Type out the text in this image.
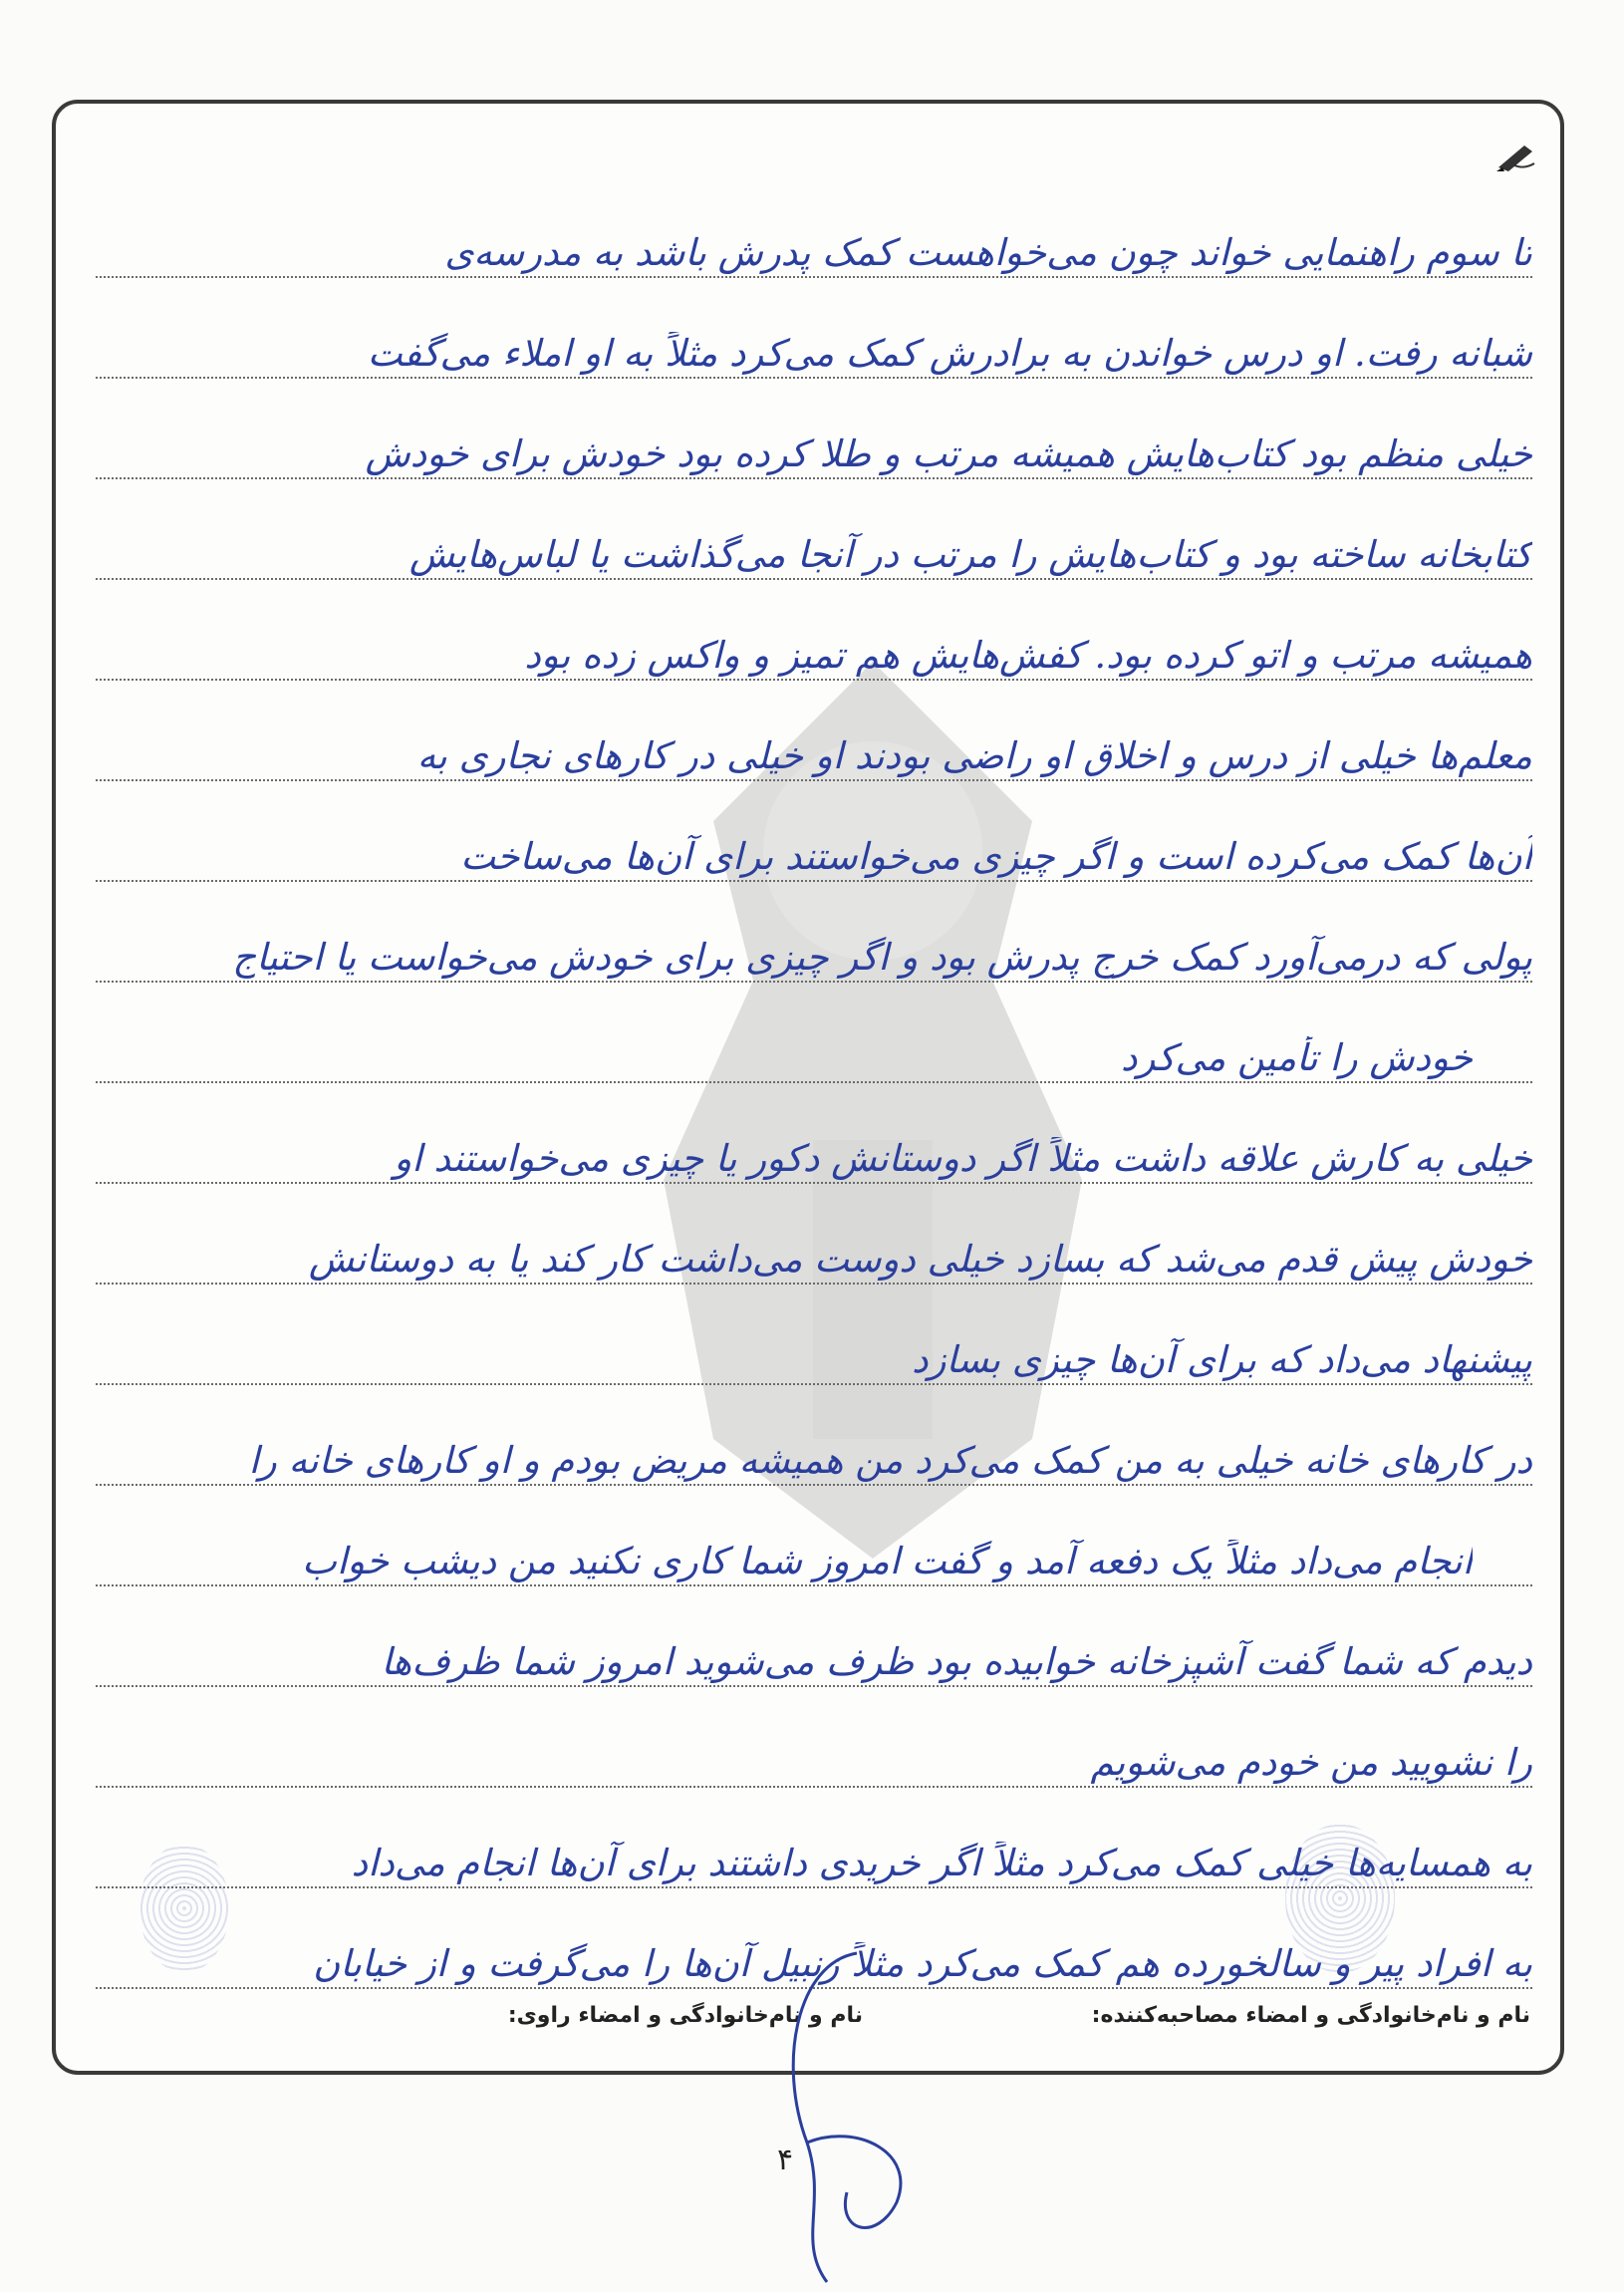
تا سوم راهنمایی خواند چون می‌خواهست کمک پدرش باشد به مدرسه‌ی
شبانه رفت. او درس خواندن به برادرش کمک می‌کرد مثلاً به او املاء می‌گفت
خیلی منظم بود کتاب‌هایش همیشه مرتب و طلا کرده بود خودش برای خودش
کتابخانه ساخته بود و کتاب‌هایش را مرتب در آنجا می‌گذاشت یا لباس‌هایش
همیشه مرتب و اتو کرده بود. کفش‌هایش هم تمیز و واکس زده بود
معلم‌ها خیلی از درس و اخلاق او راضی بودند او خیلی در کارهای نجاری به
آن‌ها کمک می‌کرده است و اگر چیزی می‌خواستند برای آن‌ها می‌ساخت
پولی که درمی‌آورد کمک خرج پدرش بود و اگر چیزی برای خودش می‌خواست یا احتیاج
خودش را تأمین می‌کرد
خیلی به کارش علاقه داشت مثلاً اگر دوستانش دکور یا چیزی می‌خواستند او
خودش پیش قدم می‌شد که بسازد خیلی دوست می‌داشت کار کند یا به دوستانش
پیشنهاد می‌داد که برای آن‌ها چیزی بسازد
در کارهای خانه خیلی به من کمک می‌کرد من همیشه مریض بودم و او کارهای خانه را
انجام می‌داد مثلاً یک دفعه آمد و گفت امروز شما کاری نکنید من دیشب خواب
دیدم که شما گفت آشپزخانه خوابیده بود ظرف می‌شوید امروز شما ظرف‌ها
را نشویید من خودم می‌شویم
به همسایه‌ها خیلی کمک می‌کرد مثلاً اگر خریدی داشتند برای آن‌ها انجام می‌داد
به افراد پیر و سالخورده هم کمک می‌کرد مثلاً زنبیل آن‌ها را می‌گرفت و از خیابان
نام و نام‌خانوادگی و امضاء مصاحبه‌کننده:
نام و نام‌خانوادگی و امضاء راوی:
۴
